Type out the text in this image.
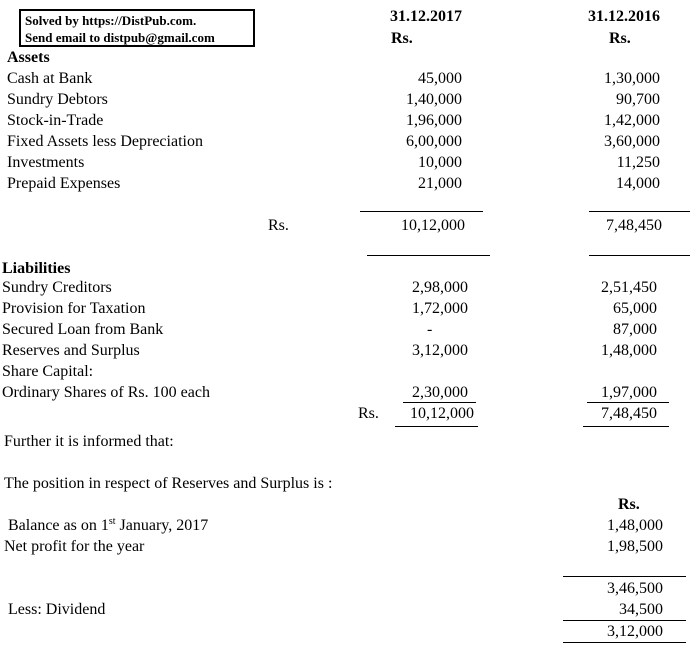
Solved by https://DistPub.com.
Send email to distpub@gmail.com
31.12.2017	31.12.2016
Rs.	Rs.
Assets
Cash at Bank	45,000	1,30,000
Sundry Debtors	1,40,000	90,700
Stock-in-Trade	1,96,000	1,42,000
Fixed Assets less Depreciation	6,00,000	3,60,000
Investments	10,000	11,250
Prepaid Expenses	21,000	14,000
Rs.	10,12,000	7,48,450
Liabilities
Sundry Creditors	2,98,000	2,51,450
Provision for Taxation	1,72,000	65,000
Secured Loan from Bank	-	87,000
Reserves and Surplus	3,12,000	1,48,000
Share Capital:
Ordinary Shares of Rs. 100 each	2,30,000	1,97,000
Rs. 10,12,000	7,48,450
Further it is informed that:
The position in respect of Reserves and Surplus is :
Rs.
Balance as on 1st January, 2017	1,48,000
Net profit for the year	1,98,500
3,46,500
Less: Dividend	34,500
3,12,000
